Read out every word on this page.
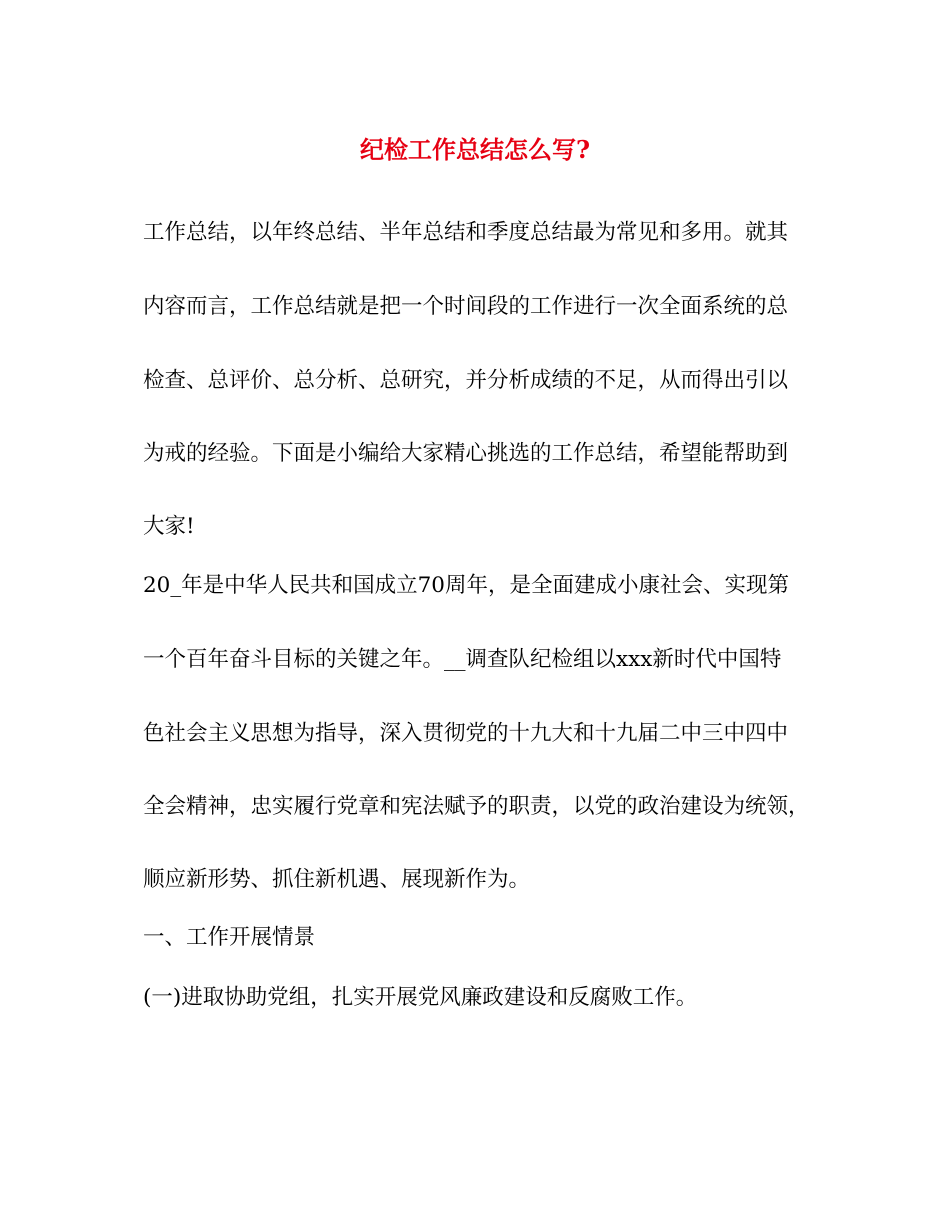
纪检工作总结怎么写?
工作总结，以年终总结、半年总结和季度总结最为常见和多用。就其
内容而言，工作总结就是把一个时间段的工作进行一次全面系统的总
检查、总评价、总分析、总研究，并分析成绩的不足，从而得出引以
为戒的经验。下面是小编给大家精心挑选的工作总结，希望能帮助到
大家!
20_年是中华人民共和国成立70周年，是全面建成小康社会、实现第
一个百年奋斗目标的关键之年。__调查队纪检组以xxx新时代中国特
色社会主义思想为指导，深入贯彻党的十九大和十九届二中三中四中
全会精神，忠实履行党章和宪法赋予的职责，以党的政治建设为统领，
顺应新形势、抓住新机遇、展现新作为。
一、工作开展情景
(一)进取协助党组，扎实开展党风廉政建设和反腐败工作。
